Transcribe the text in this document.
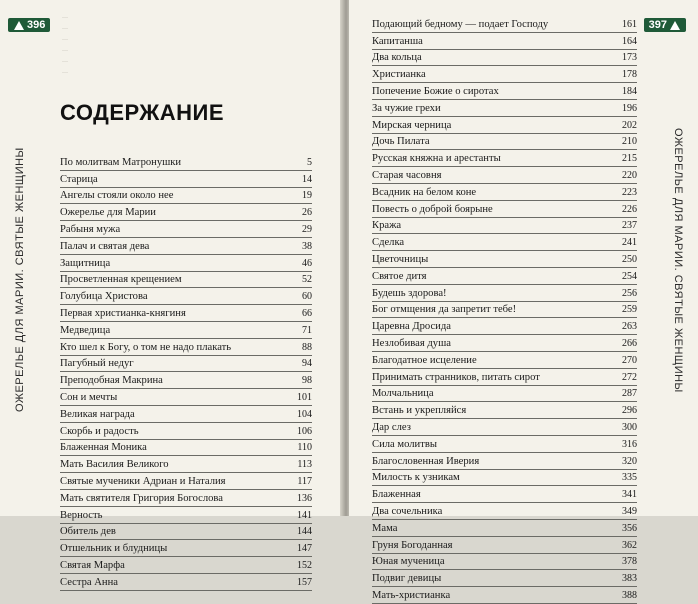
396
ОЖЕРЕЛЬЕ ДЛЯ МАРИИ. СВЯТЫЕ ЖЕНЩИНЫ
...
...
...
...
...
...
СОДЕРЖАНИЕ
По молитвам Матронушки	5
Старица	14
Ангелы стояли около нее	19
Ожерелье для Марии	26
Рабыня мужа	29
Палач и святая дева	38
Защитница	46
Просветленная крещением	52
Голубица Христова	60
Первая христианка-княгиня	66
Медведица	71
Кто шел к Богу, о том не надо плакать	88
Пагубный недуг	94
Преподобная Макрина	98
Сон и мечты	101
Великая награда	104
Скорбь и радость	106
Блаженная Моника	110
Мать Василия Великого	113
Святые мученики Адриан и Наталия	117
Мать святителя Григория Богослова	136
Верность	141
Обитель дев	144
Отшельник и блудницы	147
Святая Марфа	152
Сестра Анна	157
397
ОЖЕРЕЛЬЕ ДЛЯ МАРИИ. СВЯТЫЕ ЖЕНЩИНЫ
Подающий бедному — подает Господу	161
Капитанша	164
Два кольца	173
Христианка	178
Попечение Божие о сиротах	184
За чужие грехи	196
Мирская черница	202
Дочь Пилата	210
Русская княжна и арестанты	215
Старая часовня	220
Всадник на белом коне	223
Повесть о доброй боярыне	226
Кража	237
Сделка	241
Цветочницы	250
Святое дитя	254
Будешь здорова!	256
Бог отмщения да запретит тебе!	259
Царевна Дросида	263
Незлобивая душа	266
Благодатное исцеление	270
Принимать странников, питать сирот	272
Молчальница	287
Встань и укрепляйся	296
Дар слез	300
Сила молитвы	316
Благословенная Иверия	320
Милость к узникам	335
Блаженная	341
Два сочельника	349
Мама	356
Груня Богоданная	362
Юная мученица	378
Подвиг девицы	383
Мать-христианка	388
